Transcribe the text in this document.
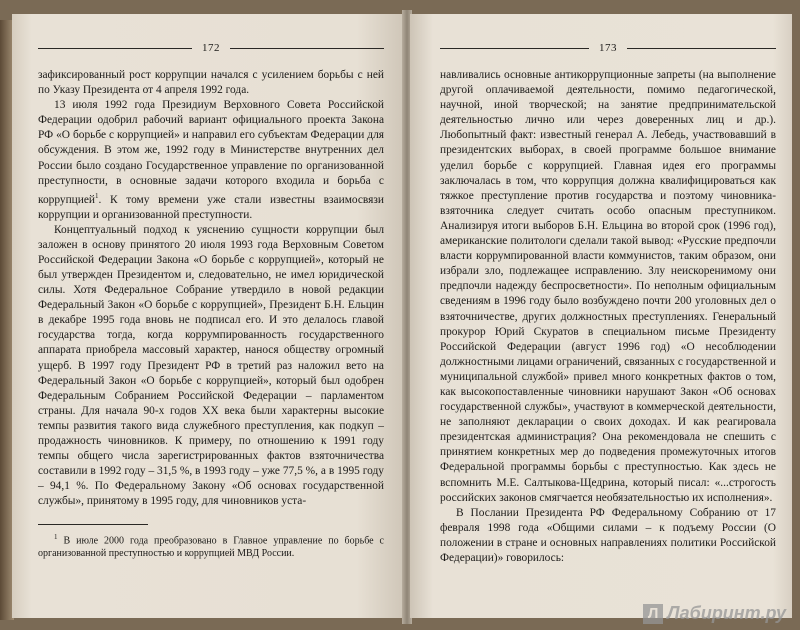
172

зафиксированный рост коррупции начался с усилением борьбы с ней по Указу Президента от 4 апреля 1992 года.

13 июля 1992 года Президиум Верховного Совета Российской Федерации одобрил рабочий вариант официального проекта Закона РФ «О борьбе с коррупцией» и направил его субъектам Федерации для обсуждения. В этом же, 1992 году в Министерстве внутренних дел России было создано Государственное управление по организованной преступности, в основные задачи которого входила и борьба с коррупцией$^1$. К тому времени уже стали известны взаимосвязи коррупции и организованной преступности.

Концептуальный подход к уяснению сущности коррупции был заложен в основу принятого 20 июля 1993 года Верховным Советом Российской Федерации Закона «О борьбе с коррупцией», который не был утвержден Президентом и, следовательно, не имел юридической силы. Хотя Федеральное Собрание утвердило в новой редакции Федеральный Закон «О борьбе с коррупцией», Президент Б.Н. Ельцин в декабре 1995 года вновь не подписал его. И это делалось главой государства тогда, когда коррумпированность государственного аппарата приобрела массовый характер, нанося обществу огромный ущерб. В 1997 году Президент РФ в третий раз наложил вето на Федеральный Закон «О борьбе с коррупцией», который был одобрен Федеральным Собранием Российской Федерации – парламентом страны. Для начала 90-х годов XX века были характерны высокие темпы развития такого вида служебного преступления, как подкуп – продажность чиновников. К примеру, по отношению к 1991 году темпы общего числа зарегистрированных фактов взяточничества составили в 1992 году – 31,5 %, в 1993 году – уже 77,5 %, а в 1995 году – 94,1 %. По Федеральному Закону «Об основах государственной службы», принятому в 1995 году, для чиновников уста-

$^1$ В июле 2000 года преобразовано в Главное управление по борьбе с организованной преступностью и коррупцией МВД России.
173

навливались основные антикоррупционные запреты (на выполнение другой оплачиваемой деятельности, помимо педагогической, научной, иной творческой; на занятие предпринимательской деятельностью лично или через доверенных лиц и др.). Любопытный факт: известный генерал А. Лебедь, участвовавший в президентских выборах, в своей программе большое внимание уделил борьбе с коррупцией. Главная идея его программы заключалась в том, что коррупция должна квалифицироваться как тяжкое преступление против государства и поэтому чиновника-взяточника следует считать особо опасным преступником. Анализируя итоги выборов Б.Н. Ельцина во второй срок (1996 год), американские политологи сделали такой вывод: «Русские предпочли власти коррумпированной власти коммунистов, таким образом, они избрали зло, подлежащее исправлению. Злу неискоренимому они предпочли надежду беспросветности». По неполным официальным сведениям в 1996 году было возбуждено почти 200 уголовных дел о взяточничестве, других должностных преступлениях. Генеральный прокурор Юрий Скуратов в специальном письме Президенту Российской Федерации (август 1996 год) «О несоблюдении должностными лицами ограничений, связанных с государственной и муниципальной службой» привел много конкретных фактов о том, как высокопоставленные чиновники нарушают Закон «Об основах государственной службы», участвуют в коммерческой деятельности, не заполняют декларации о своих доходах. И как реагировала президентская администрация? Она рекомендовала не спешить с принятием конкретных мер до подведения промежуточных итогов Федеральной программы борьбы с преступностью. Как здесь не вспомнить М.Е. Салтыкова-Щедрина, который писал: «...строгость российских законов смягчается необязательностью их исполнения».

В Послании Президента РФ Федеральному Собранию от 17 февраля 1998 года «Общими силами – к подъему России (О положении в стране и основных направлениях политики Российской Федерации)» говорилось:

Л Лабиринт.ру
